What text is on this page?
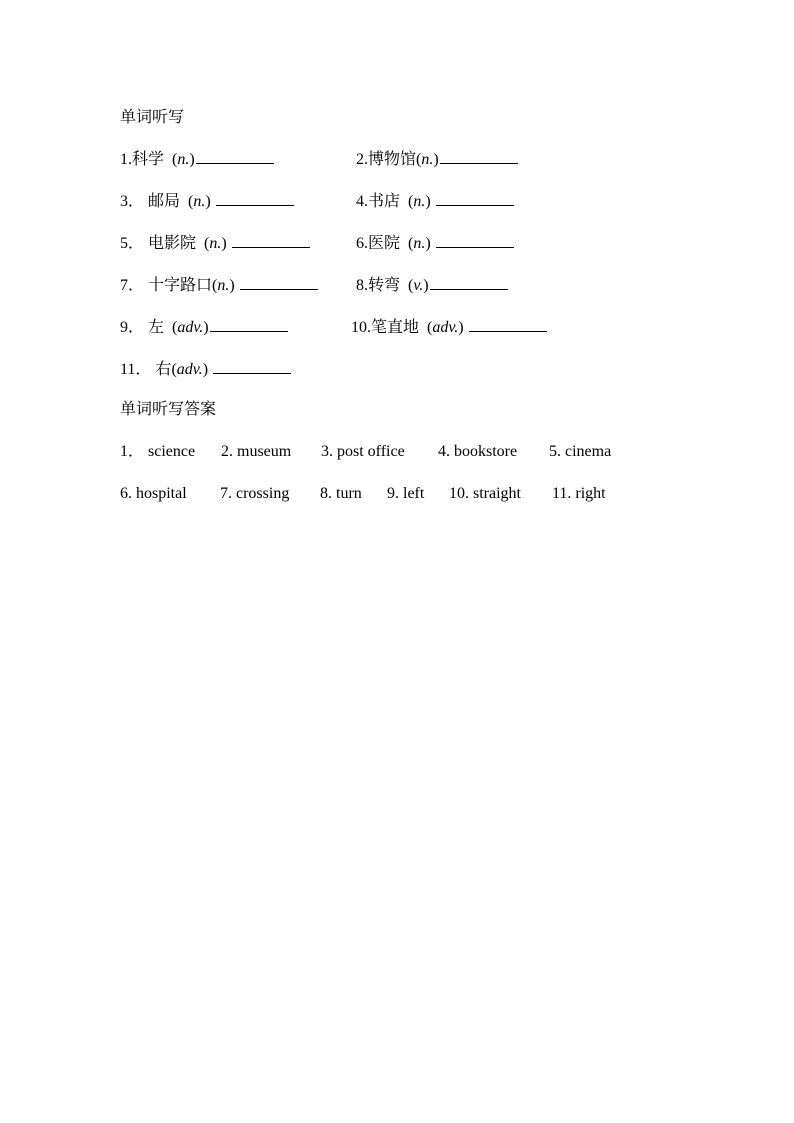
单词听写
1.科学  (n.)	2.博物馆(n.)
3． 邮局  (n.)	4.书店  (n.)
5． 电影院  (n.)	6.医院  (n.)
7． 十字路口(n.)	8.转弯  (v.)
9． 左  (adv.)	10.笔直地  (adv.)
11． 右(adv.)
单词听写答案
1． science 2. museum 3. post office 4. bookstore 5. cinema
6. hospital 7. crossing 8. turn 9. left 10. straight 11. right
